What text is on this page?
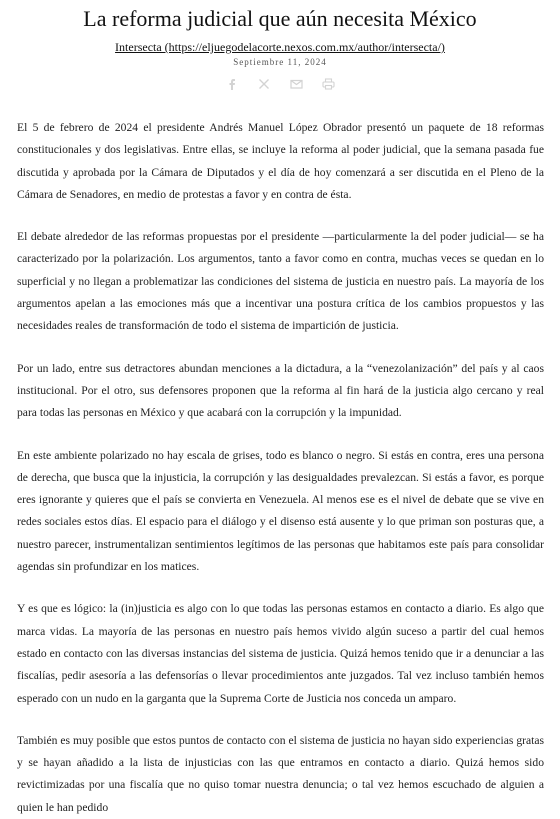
La reforma judicial que aún necesita México
Intersecta (https://eljuegodelacorte.nexos.com.mx/author/intersecta/)
Septiembre 11, 2024

El 5 de febrero de 2024 el presidente Andrés Manuel López Obrador presentó un paquete de 18 reformas constitucionales y dos legislativas. Entre ellas, se incluye la reforma al poder judicial, que la semana pasada fue discutida y aprobada por la Cámara de Diputados y el día de hoy comenzará a ser discutida en el Pleno de la Cámara de Senadores, en medio de protestas a favor y en contra de ésta.

El debate alrededor de las reformas propuestas por el presidente —particularmente la del poder judicial— se ha caracterizado por la polarización. Los argumentos, tanto a favor como en contra, muchas veces se quedan en lo superficial y no llegan a problematizar las condiciones del sistema de justicia en nuestro país. La mayoría de los argumentos apelan a las emociones más que a incentivar una postura crítica de los cambios propuestos y las necesidades reales de transformación de todo el sistema de impartición de justicia.

Por un lado, entre sus detractores abundan menciones a la dictadura, a la “venezolanización” del país y al caos institucional. Por el otro, sus defensores proponen que la reforma al fin hará de la justicia algo cercano y real para todas las personas en México y que acabará con la corrupción y la impunidad.

En este ambiente polarizado no hay escala de grises, todo es blanco o negro. Si estás en contra, eres una persona de derecha, que busca que la injusticia, la corrupción y las desigualdades prevalezcan. Si estás a favor, es porque eres ignorante y quieres que el país se convierta en Venezuela. Al menos ese es el nivel de debate que se vive en redes sociales estos días. El espacio para el diálogo y el disenso está ausente y lo que priman son posturas que, a nuestro parecer, instrumentalizan sentimientos legítimos de las personas que habitamos este país para consolidar agendas sin profundizar en los matices.

Y es que es lógico: la (in)justicia es algo con lo que todas las personas estamos en contacto a diario. Es algo que marca vidas. La mayoría de las personas en nuestro país hemos vivido algún suceso a partir del cual hemos estado en contacto con las diversas instancias del sistema de justicia. Quizá hemos tenido que ir a denunciar a las fiscalías, pedir asesoría a las defensorías o llevar procedimientos ante juzgados. Tal vez incluso también hemos esperado con un nudo en la garganta que la Suprema Corte de Justicia nos conceda un amparo.

También es muy posible que estos puntos de contacto con el sistema de justicia no hayan sido experiencias gratas y se hayan añadido a la lista de injusticias con las que entramos en contacto a diario. Quizá hemos sido revictimizadas por una fiscalía que no quiso tomar nuestra denuncia; o tal vez hemos escuchado de alguien a quien le han pedido
